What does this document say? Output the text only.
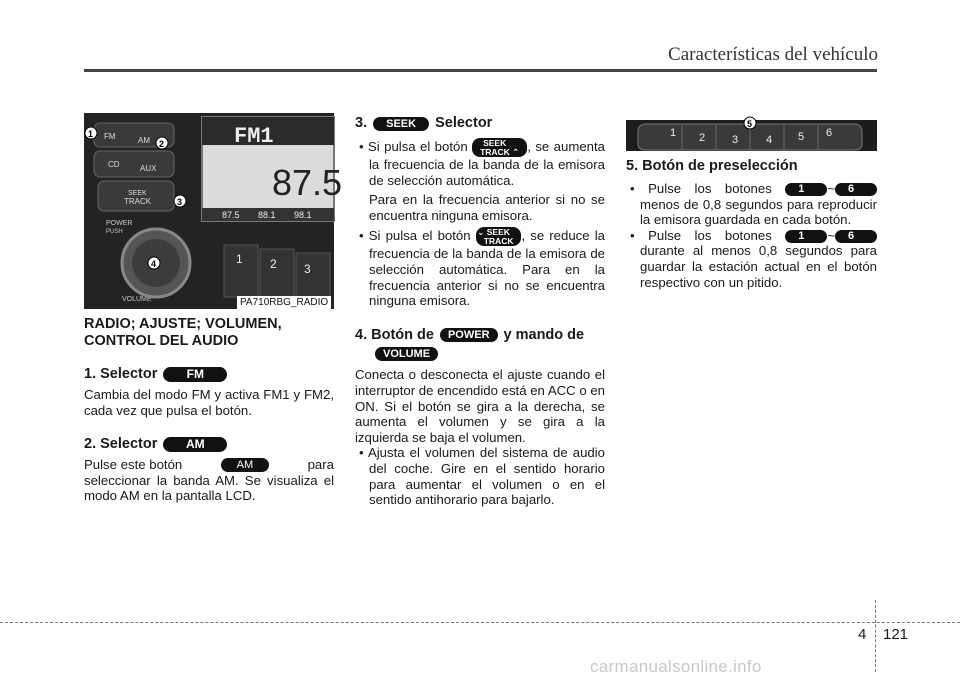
Características del vehículo
FM1
87.5
87.5 88.1 98.1
FM	AM
CD	AUX
SEEK
TRACK
POWER
PUSH
VOLUME
1 2 3
1
2
3
4
PA710RBG_RADIO

RADIO; AJUSTE; VOLUMEN,

CONTROL DEL AUDIO

1. Selector	FM

Cambia del modo FM y activa FM1 y FM2, cada vez que pulsa el botón.

2. Selector	AM

Pulse este botón	AM	para

seleccionar la banda AM. Se visualiza el modo AM en la pantalla LCD.

3.	SEEK	Selector

• Si pulsa el botón SEEK
TRACK ⌃ , se aumenta la frecuencia de la banda de la emisora de selección automática.

Para en la frecuencia anterior si no se encuentra ninguna emisora.

• Si pulsa el botón ⌄ SEEK
TRACK , se reduce la frecuencia de la banda de la emisora de selección automática. Para en la frecuencia anterior si no se encuentra ninguna emisora.

4. Botón de	POWER y mando de
VOLUME

Conecta o desconecta el ajuste cuando el interruptor de encendido está en ACC o en ON. Si el botón se gira a la derecha, se aumenta el volumen y se gira a la izquierda se baja el volumen.

• Ajusta el volumen del sistema de audio del coche. Gire en el sentido horario para aumentar el volumen o en el sentido antihorario para bajarlo.

1 2 3	4 5 6
5

5. Botón de preselección

• Pulse los botones 1 ~ 6 menos de 0,8 segundos para reproducir la emisora guardada en cada botón.

• Pulse los botones 1 ~ 6 durante al menos 0,8 segundos para guardar la estación actual en el botón respectivo con un pitido.

4 121
carmanualsonline.info
